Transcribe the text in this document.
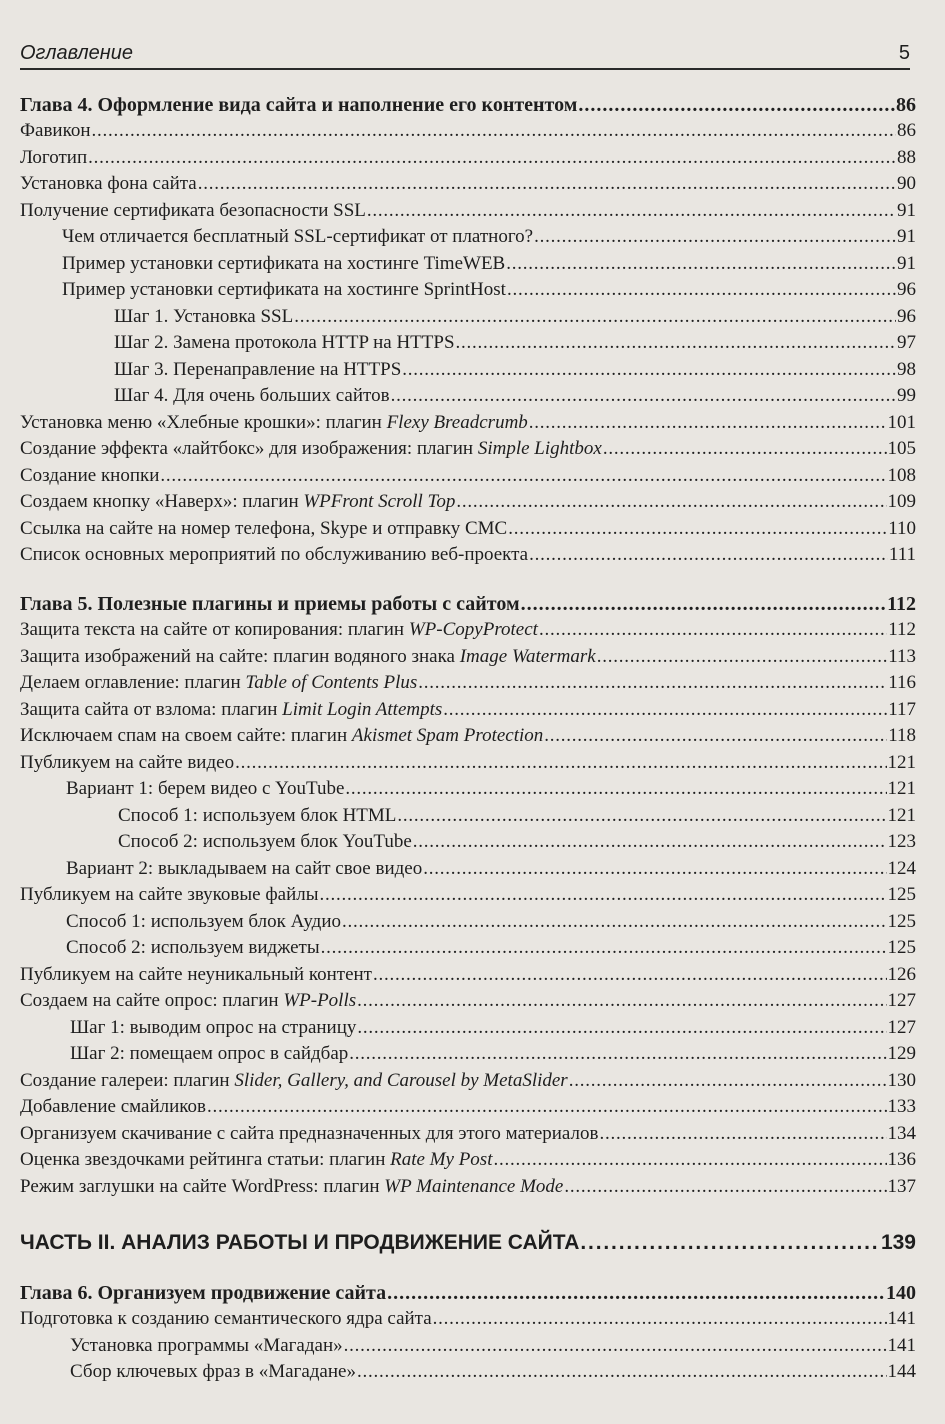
Оглавление	5
Глава 4. Оформление вида сайта и наполнение его контентом . . .	86
Фавикон . . .	86
Логотип . . .	88
Установка фона сайта . . .	90
Получение сертификата безопасности SSL . . .	91
Чем отличается бесплатный SSL-сертификат от платного? . . .	91
Пример установки сертификата на хостинге TimeWEB . . .	91
Пример установки сертификата на хостинге SprintHost . . .	96
Шаг 1. Установка SSL . . .	96
Шаг 2. Замена протокола HTTP на HTTPS . . .	97
Шаг 3. Перенаправление на HTTPS . . .	98
Шаг 4. Для очень больших сайтов . . .	99
Установка меню «Хлебные крошки»: плагин Flexy Breadcrumb . . .	101
Создание эффекта «лайтбокс» для изображения: плагин Simple Lightbox . . .	105
Создание кнопки . . .	108
Создаем кнопку «Наверх»: плагин WPFront Scroll Top . . .	109
Ссылка на сайте на номер телефона, Skype и отправку СМС . . .	110
Список основных мероприятий по обслуживанию веб-проекта . . .	111
Глава 5. Полезные плагины и приемы работы с сайтом . . .	112
Защита текста на сайте от копирования: плагин WP-CopyProtect . . .	112
Защита изображений на сайте: плагин водяного знака Image Watermark . . .	113
Делаем оглавление: плагин Table of Contents Plus . . .	116
Защита сайта от взлома: плагин Limit Login Attempts . . .	117
Исключаем спам на своем сайте: плагин Akismet Spam Protection . . .	118
Публикуем на сайте видео . . .	121
Вариант 1: берем видео с YouTube . . .	121
Способ 1: используем блок HTML . . .	121
Способ 2: используем блок YouTube . . .	123
Вариант 2: выкладываем на сайт свое видео . . .	124
Публикуем на сайте звуковые файлы . . .	125
Способ 1: используем блок Аудио . . .	125
Способ 2: используем виджеты . . .	125
Публикуем на сайте неуникальный контент . . .	126
Создаем на сайте опрос: плагин WP-Polls . . .	127
Шаг 1: выводим опрос на страницу . . .	127
Шаг 2: помещаем опрос в сайдбар . . .	129
Создание галереи: плагин Slider, Gallery, and Carousel by MetaSlider . . .	130
Добавление смайликов . . .	133
Организуем скачивание с сайта предназначенных для этого материалов . . .	134
Оценка звездочками рейтинга статьи: плагин Rate My Post . . .	136
Режим заглушки на сайте WordPress: плагин WP Maintenance Mode . . .	137
ЧАСТЬ II. АНАЛИЗ РАБОТЫ И ПРОДВИЖЕНИЕ САЙТА . . .	139
Глава 6. Организуем продвижение сайта . . .	140
Подготовка к созданию семантического ядра сайта . . .	141
Установка программы «Магадан» . . .	141
Сбор ключевых фраз в «Магадане» . . .	144
